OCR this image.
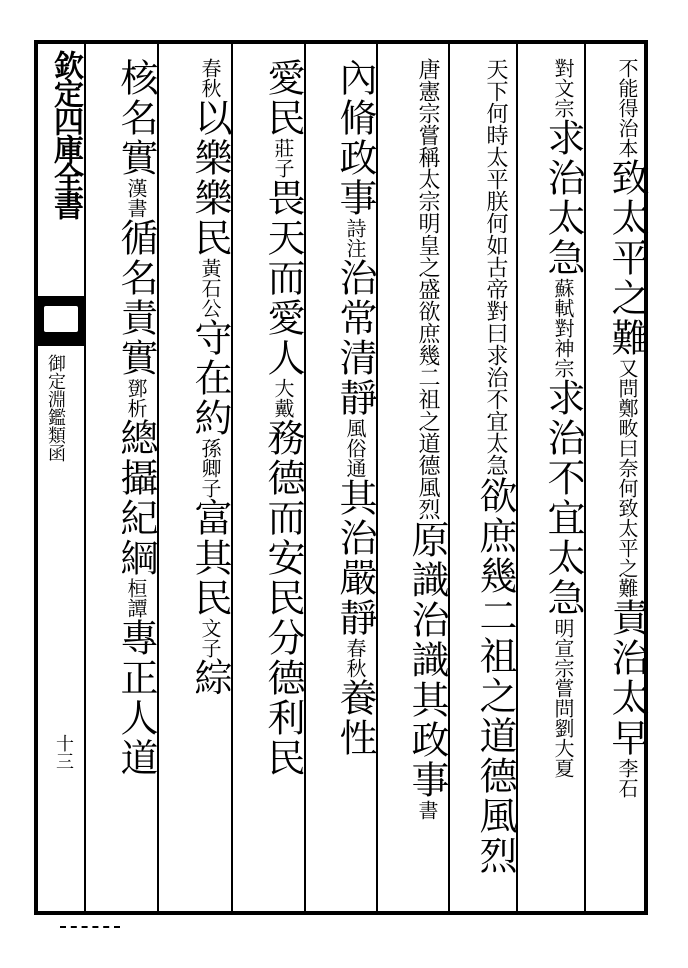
欽定四庫全書
御定淵鑑類函
十三
不能得治本致太平之難又問鄭畋曰奈何致太平之難責治太早李石
對文宗求治太急蘇軾對神宗求治不宜太急明宣宗嘗問劉大夏
天下何時太平朕何如古帝對曰求治不宜太急欲庶幾二祖之道德風烈
唐憲宗嘗稱太宗明皇之盛欲庶幾二祖之道德風烈原識治識其政事書
內脩政事詩注治常清靜風俗通其治嚴靜春秋養性
愛民莊子畏天而愛人大戴務德而安民分德利民
春秋以樂樂民黃石公守在約孫卿子富其民文子綜
核名實漢書循名責實鄧析總攝紀綱桓譚專正人道
